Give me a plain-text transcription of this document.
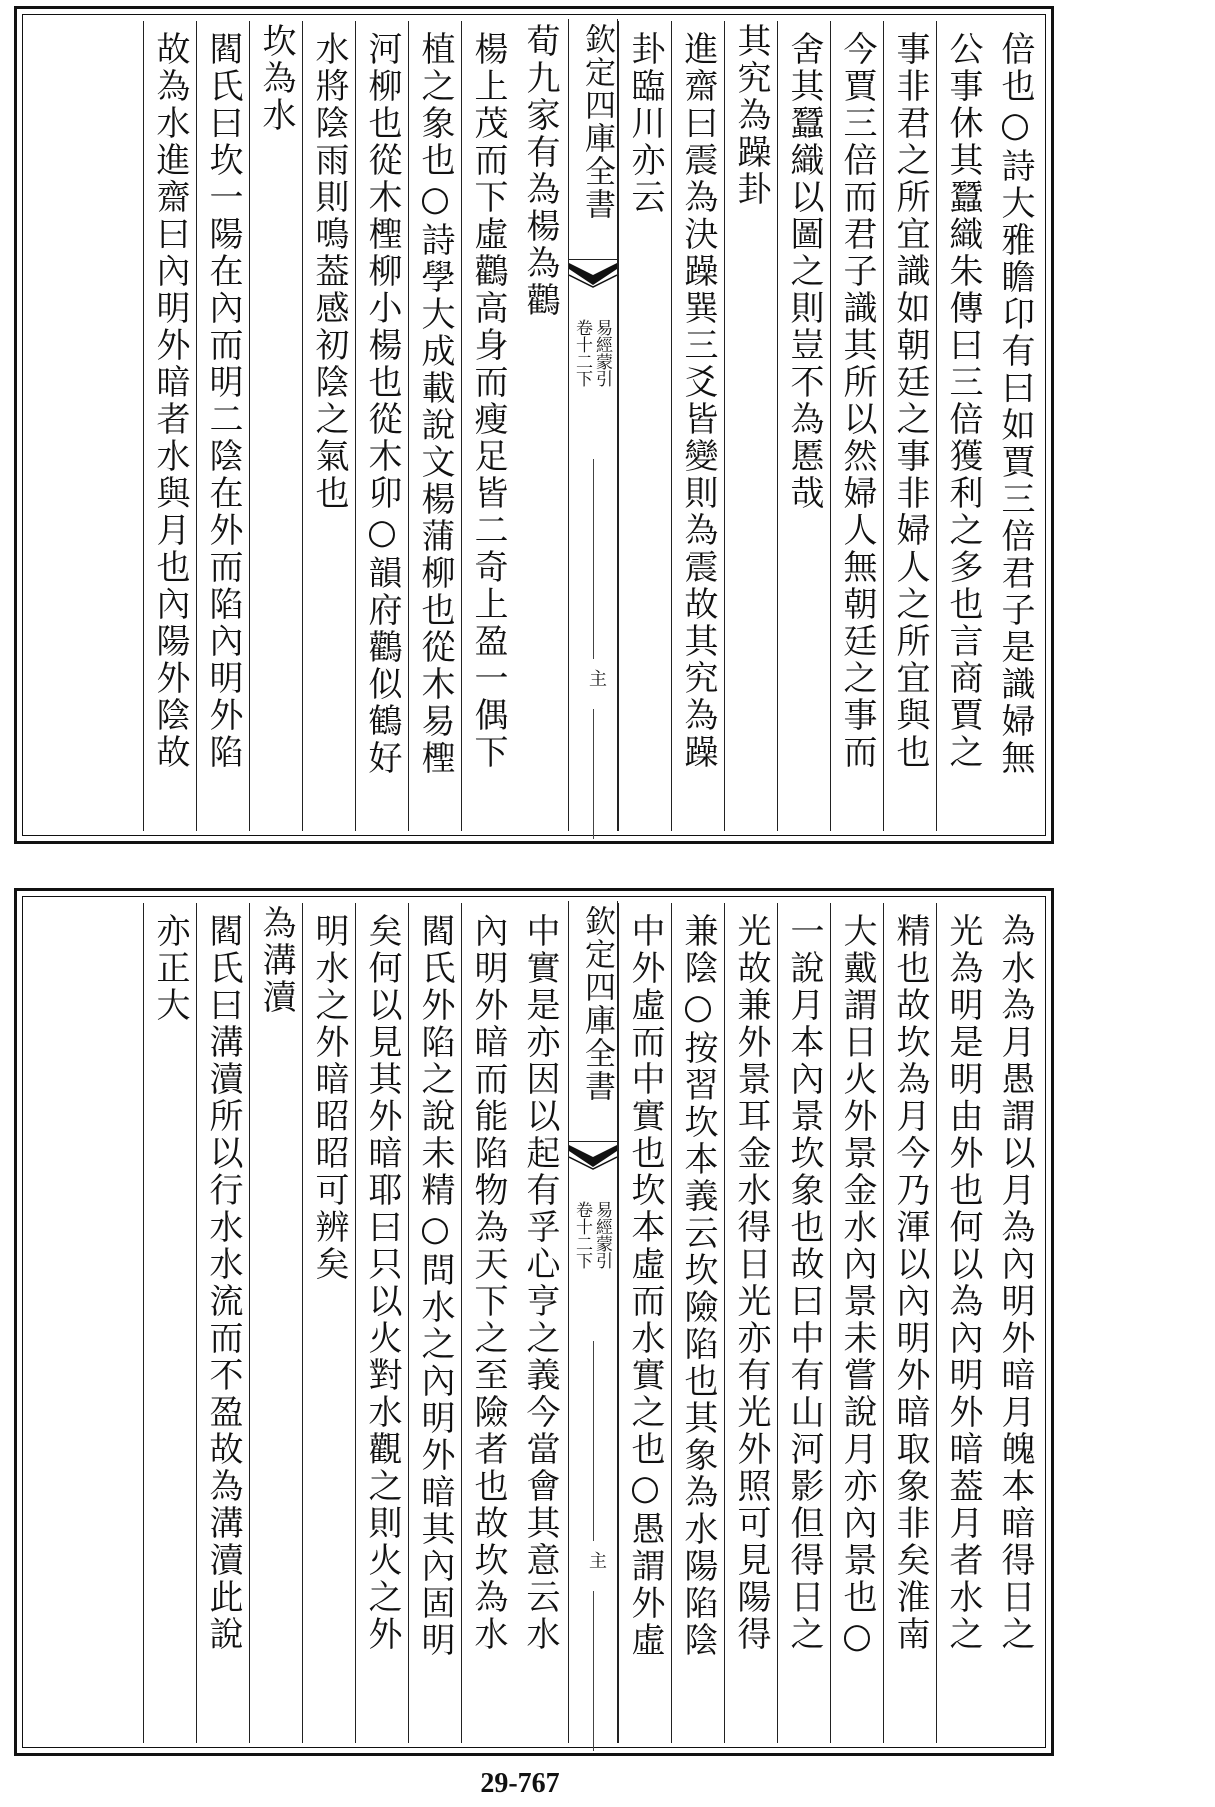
倍也○詩大雅瞻卬有曰如賈三倍君子是識婦無
公事休其蠶織朱傳曰三倍獲利之多也言商賈之
事非君之所宜識如朝廷之事非婦人之所宜與也
今賈三倍而君子識其所以然婦人無朝廷之事而
舍其蠶織以圖之則豈不為慝哉
其究為躁卦
進齋曰震為決躁巽三爻皆變則為震故其究為躁
卦臨川亦云
欽定四庫全書
易經蒙引
卷十二下
主
荀九家有為楊為鸛
楊上茂而下虛鸛高身而瘦足皆二奇上盈一偶下
植之象也○詩學大成載說文楊蒲柳也從木易檉
河柳也從木檉柳小楊也從木卯○韻府鸛似鶴好
水將陰雨則鳴葢感初陰之氣也
坎為水
閻氏曰坎一陽在內而明二陰在外而陷內明外陷
故為水進齋曰內明外暗者水與月也內陽外陰故
為水為月愚謂以月為內明外暗月魄本暗得日之
光為明是明由外也何以為內明外暗葢月者水之
精也故坎為月今乃渾以內明外暗取象非矣淮南
大戴謂日火外景金水內景未嘗說月亦內景也○
一說月本內景坎象也故曰中有山河影但得日之
光故兼外景耳金水得日光亦有光外照可見陽得
兼陰○按習坎本義云坎險陷也其象為水陽陷陰
中外虛而中實也坎本虛而水實之也○愚謂外虛
欽定四庫全書
易經蒙引
卷十二下
主
中實是亦因以起有孚心亨之義今當會其意云水
內明外暗而能陷物為天下之至險者也故坎為水
閻氏外陷之說未精○問水之內明外暗其內固明
矣何以見其外暗耶曰只以火對水觀之則火之外
明水之外暗昭昭可辨矣
為溝瀆
閻氏曰溝瀆所以行水水流而不盈故為溝瀆此說
亦正大
29-767
